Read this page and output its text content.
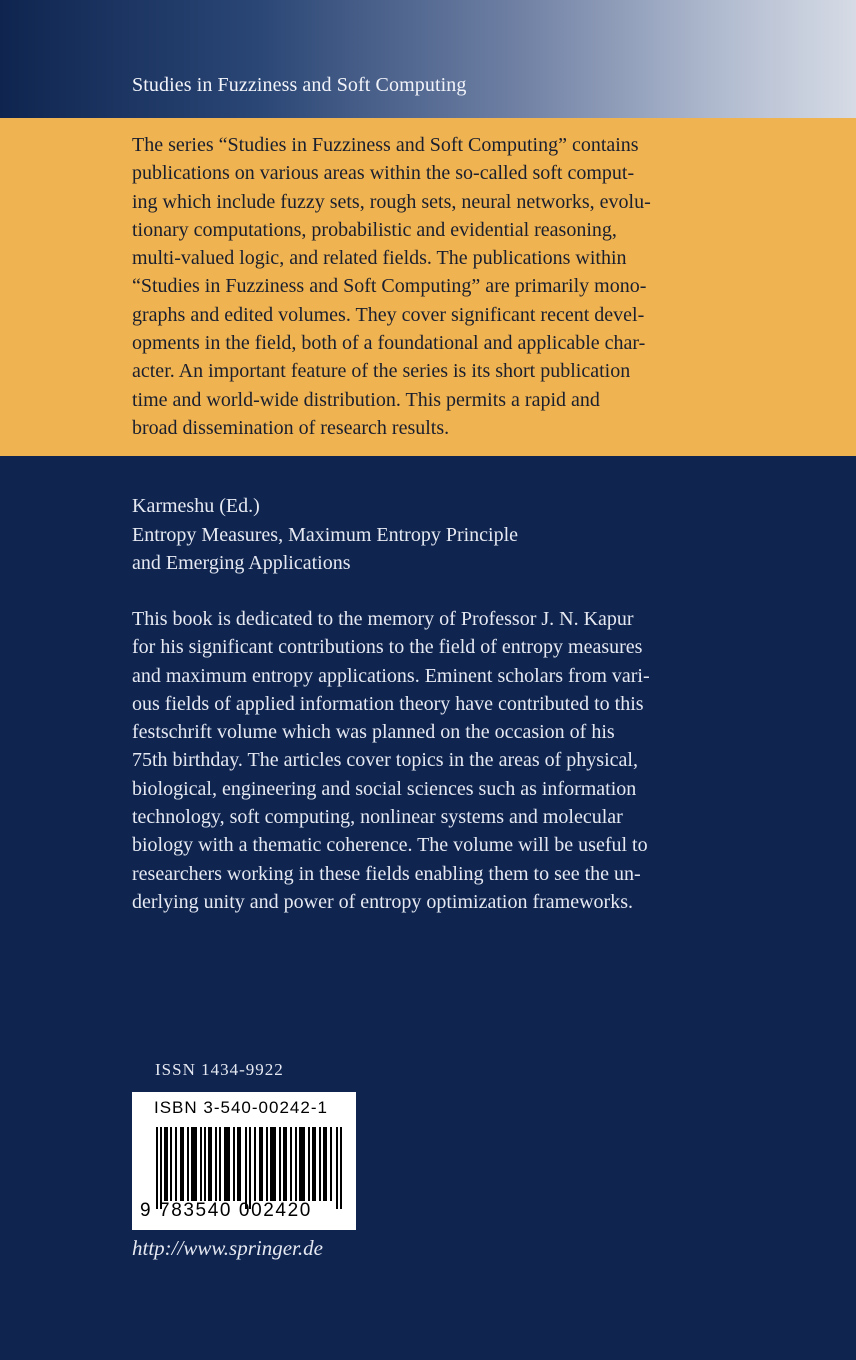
Studies in Fuzziness and Soft Computing
The series “Studies in Fuzziness and Soft Computing” contains
publications on various areas within the so-called soft comput-
ing which include fuzzy sets, rough sets, neural networks, evolu-
tionary computations, probabilistic and evidential reasoning,
multi-valued logic, and related fields. The publications within
“Studies in Fuzziness and Soft Computing” are primarily mono-
graphs and edited volumes. They cover significant recent devel-
opments in the field, both of a foundational and applicable char-
acter. An important feature of the series is its short publication
time and world-wide distribution. This permits a rapid and
broad dissemination of research results.
Karmeshu (Ed.)
Entropy Measures, Maximum Entropy Principle
and Emerging Applications
This book is dedicated to the memory of Professor J. N. Kapur
for his significant contributions to the field of entropy measures
and maximum entropy applications. Eminent scholars from vari-
ous fields of applied information theory have contributed to this
festschrift volume which was planned on the occasion of his
75th birthday. The articles cover topics in the areas of physical,
biological, engineering and social sciences such as information
technology, soft computing, nonlinear systems and molecular
biology with a thematic coherence. The volume will be useful to
researchers working in these fields enabling them to see the un-
derlying unity and power of entropy optimization frameworks.
ISSN 1434-9922
ISBN 3-540-00242-1
9 783540 002420
http://www.springer.de
